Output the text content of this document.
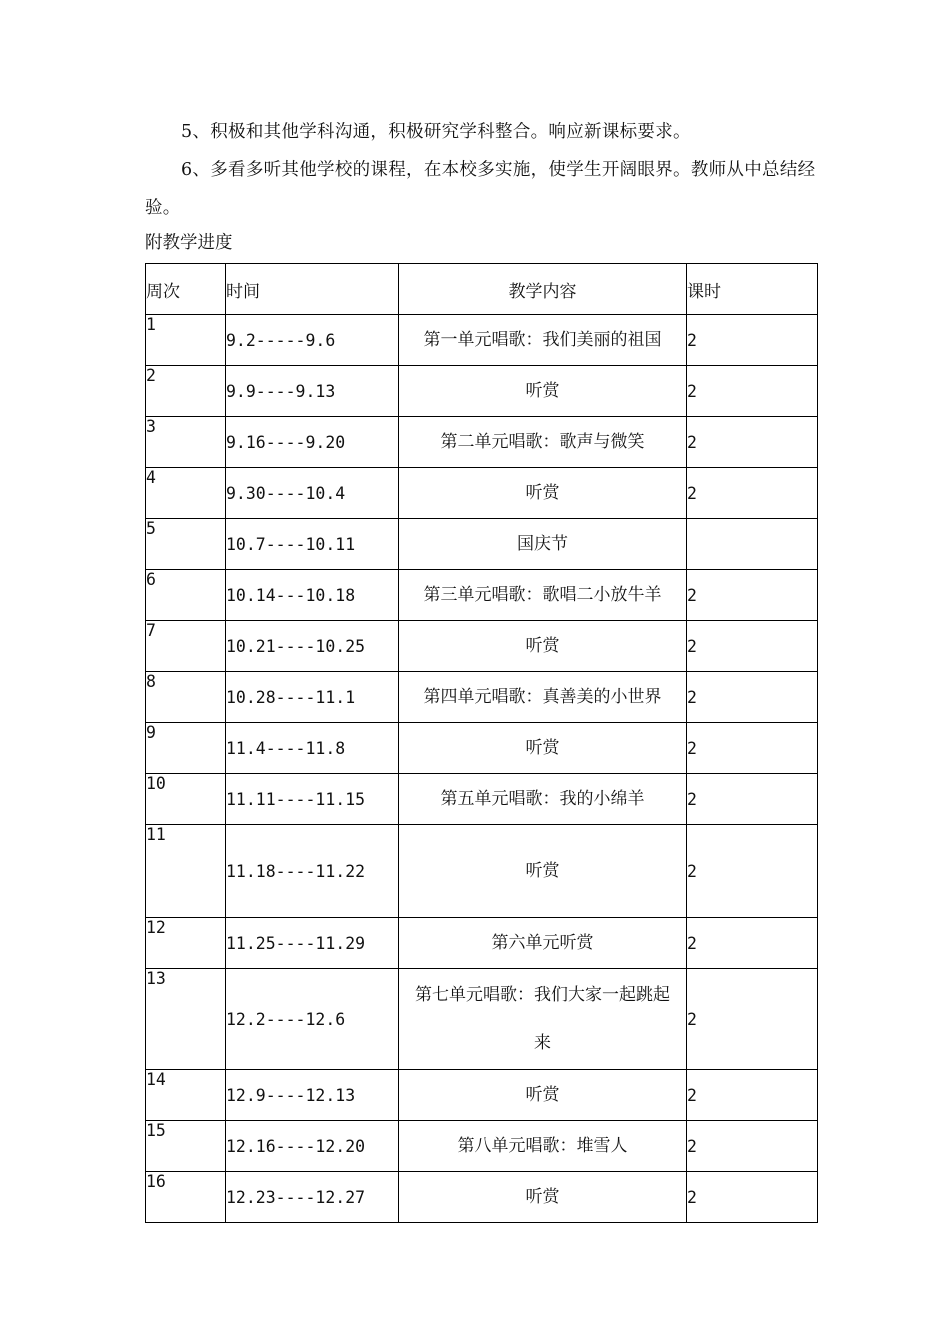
5、积极和其他学科沟通，积极研究学科整合。响应新课标要求。

6、多看多听其他学校的课程，在本校多实施，使学生开阔眼界。教师从中总结经验。

附教学进度

周次	时间	教学内容	课时

1	9.2-----9.6	第一单元唱歌：我们美丽的祖国	2

2	9.9----9.13	听赏	2

3	9.16----9.20	第二单元唱歌：歌声与微笑	2

4	9.30----10.4	听赏	2

5	10.7----10.11	国庆节	

6	10.14---10.18	第三单元唱歌：歌唱二小放牛羊	2

7	10.21----10.25	听赏	2

8	10.28----11.1	第四单元唱歌：真善美的小世界	2

9	11.4----11.8	听赏	2

10	11.11----11.15	第五单元唱歌：我的小绵羊	2

11	11.18----11.22	听赏	2

12	11.25----11.29	第六单元听赏	2

13	12.2----12.6	第七单元唱歌：我们大家一起跳起来	2

14	12.9----12.13	听赏	2

15	12.16----12.20	第八单元唱歌：堆雪人	2

16	12.23----12.27	听赏	2
